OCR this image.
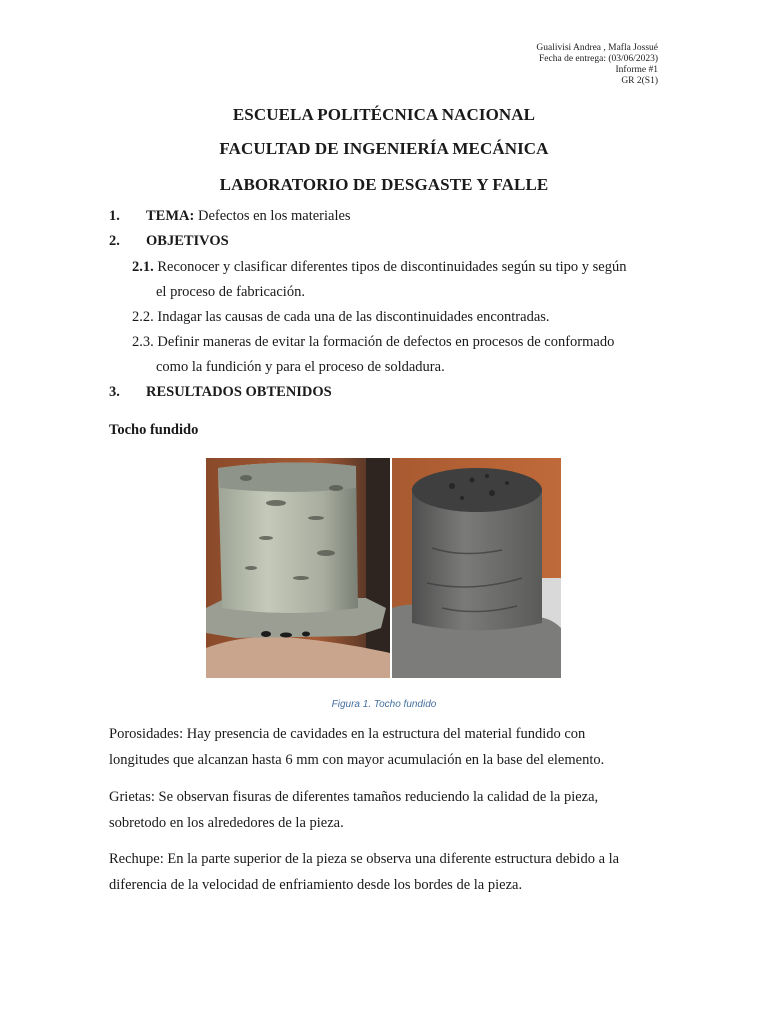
Gualivisi Andrea , Mafla Jossué
Fecha de entrega: (03/06/2023)
Informe #1
GR 2(S1)
ESCUELA POLITÉCNICA NACIONAL
FACULTAD DE INGENIERÍA MECÁNICA
LABORATORIO DE DESGASTE Y FALLE
1. TEMA: Defectos en los materiales
2. OBJETIVOS
2.1. Reconocer y clasificar diferentes tipos de discontinuidades según su tipo y según
el proceso de fabricación.
2.2. Indagar las causas de cada una de las discontinuidades encontradas.
2.3. Definir maneras de evitar la formación de defectos en procesos de conformado
como la fundición y para el proceso de soldadura.
3. RESULTADOS OBTENIDOS
Tocho fundido
Figura 1. Tocho fundido
Porosidades: Hay presencia de cavidades en la estructura del material fundido con
longitudes que alcanzan hasta 6 mm con mayor acumulación en la base del elemento.
Grietas: Se observan fisuras de diferentes tamaños reduciendo la calidad de la pieza,
sobretodo en los alrededores de la pieza.
Rechupe: En la parte superior de la pieza se observa una diferente estructura debido a la
diferencia de la velocidad de enfriamiento desde los bordes de la pieza.
